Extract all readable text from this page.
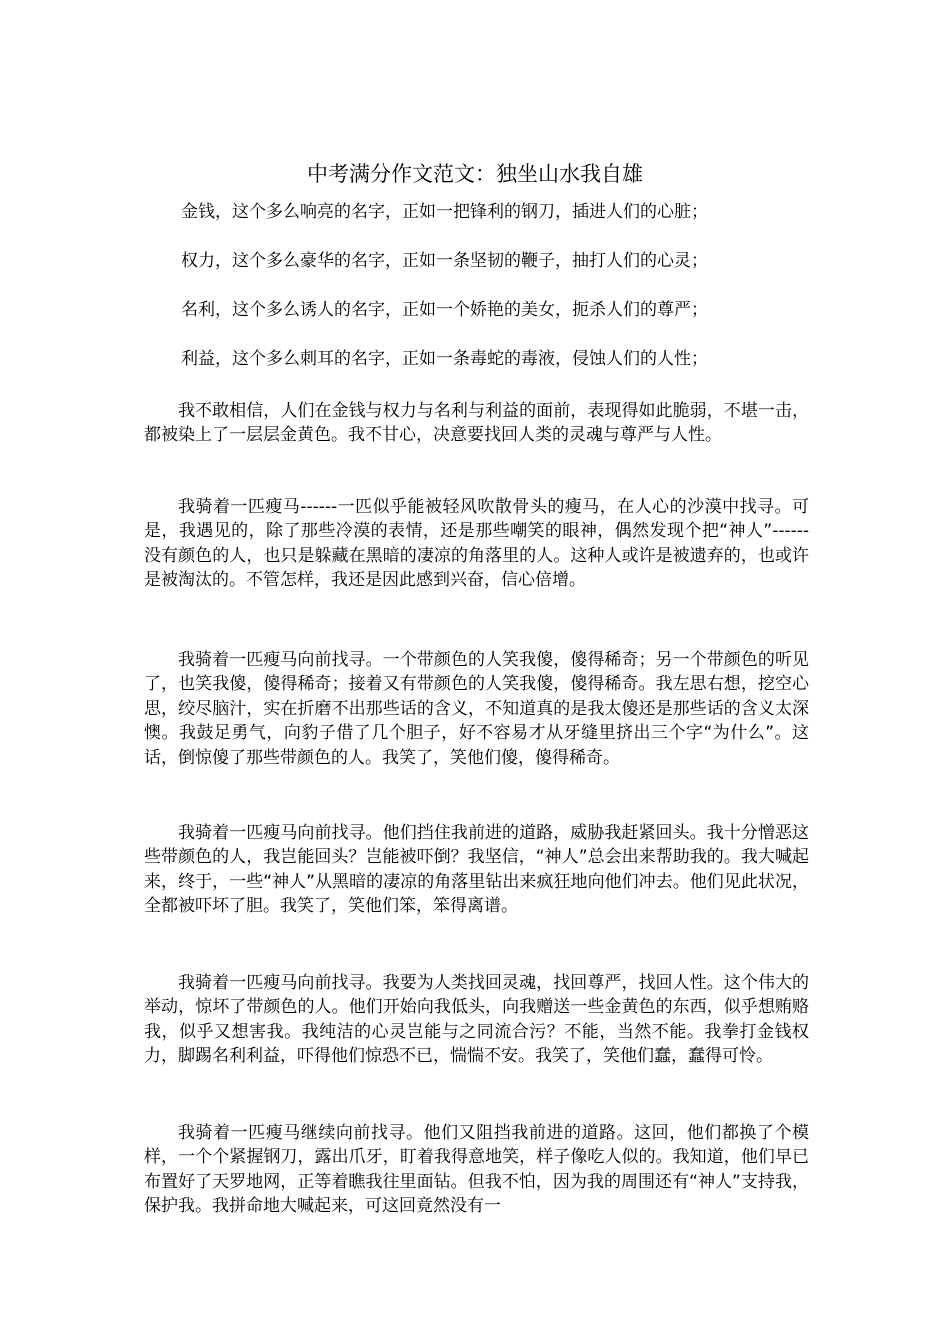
中考满分作文范文：独坐山水我自雄
金钱，这个多么响亮的名字，正如一把锋利的钢刀，插进人们的心脏；
权力，这个多么豪华的名字，正如一条坚韧的鞭子，抽打人们的心灵；
名利，这个多么诱人的名字，正如一个娇艳的美女，扼杀人们的尊严；
利益，这个多么刺耳的名字，正如一条毒蛇的毒液，侵蚀人们的人性；
我不敢相信，人们在金钱与权力与名利与利益的面前，表现得如此脆弱，不堪一击，都被染上了一层层金黄色。我不甘心，决意要找回人类的灵魂与尊严与人性。
我骑着一匹瘦马------一匹似乎能被轻风吹散骨头的瘦马，在人心的沙漠中找寻。可是，我遇见的，除了那些冷漠的表情，还是那些嘲笑的眼神，偶然发现个把“神人”------没有颜色的人，也只是躲藏在黑暗的凄凉的角落里的人。这种人或许是被遗弃的，也或许是被淘汰的。不管怎样，我还是因此感到兴奋，信心倍增。
我骑着一匹瘦马向前找寻。一个带颜色的人笑我傻，傻得稀奇；另一个带颜色的听见了，也笑我傻，傻得稀奇；接着又有带颜色的人笑我傻，傻得稀奇。我左思右想，挖空心思，绞尽脑汁，实在折磨不出那些话的含义，不知道真的是我太傻还是那些话的含义太深懊。我鼓足勇气，向豹子借了几个胆子，好不容易才从牙缝里挤出三个字“为什么”。这话，倒惊傻了那些带颜色的人。我笑了，笑他们傻，傻得稀奇。
我骑着一匹瘦马向前找寻。他们挡住我前进的道路，威胁我赶紧回头。我十分憎恶这些带颜色的人，我岂能回头？岂能被吓倒？我坚信，“神人”总会出来帮助我的。我大喊起来，终于，一些“神人”从黑暗的凄凉的角落里钻出来疯狂地向他们冲去。他们见此状况，全都被吓坏了胆。我笑了，笑他们笨，笨得离谱。
我骑着一匹瘦马向前找寻。我要为人类找回灵魂，找回尊严，找回人性。这个伟大的举动，惊坏了带颜色的人。他们开始向我低头，向我赠送一些金黄色的东西，似乎想贿赂我，似乎又想害我。我纯洁的心灵岂能与之同流合污？不能，当然不能。我拳打金钱权力，脚踢名利利益，吓得他们惊恐不已，惴惴不安。我笑了，笑他们蠢，蠢得可怜。
我骑着一匹瘦马继续向前找寻。他们又阻挡我前进的道路。这回，他们都换了个模样，一个个紧握钢刀，露出爪牙，盯着我得意地笑，样子像吃人似的。我知道，他们早已布置好了天罗地网，正等着瞧我往里面钻。但我不怕，因为我的周围还有“神人”支持我，保护我。我拼命地大喊起来，可这回竟然没有一
